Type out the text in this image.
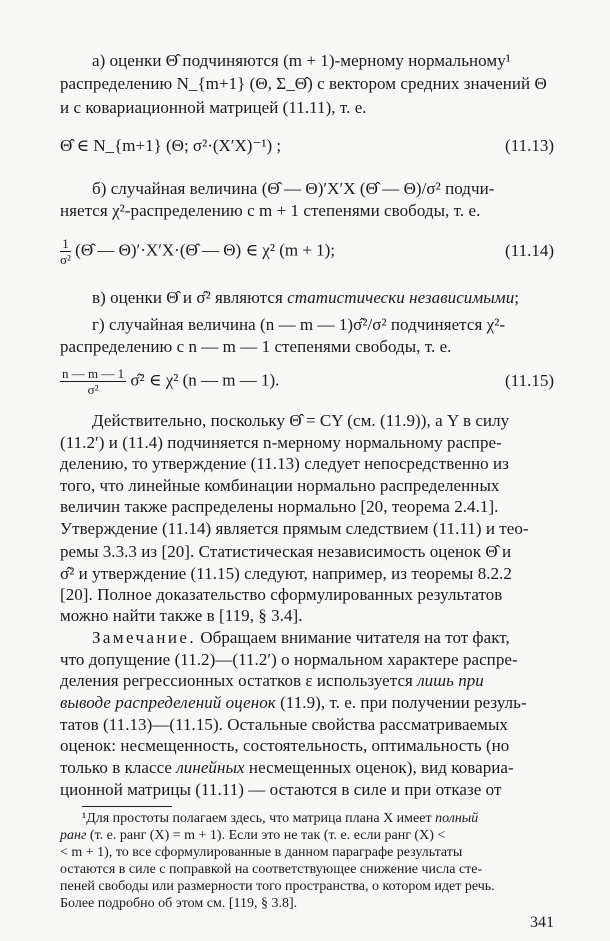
а) оценки Θ̂ подчиняются (m + 1)-мерному нормальному¹
распределению N_{m+1} (Θ, Σ_Θ̂) с вектором средних значений Θ
и с ковариационной матрицей (11.11), т. е.
Θ̂ ∈ N_{m+1} (Θ; σ²·(X′X)⁻¹) ;	(11.13)
б) случайная величина (Θ̂ — Θ)′X′X (Θ̂ — Θ)/σ² подчи-
няется χ²-распределению с m + 1 степенями свободы, т. е.
$\frac{1}{\text{σ²}}$ (Θ̂ — Θ)′·X′X·(Θ̂ — Θ) ∈ χ² (m + 1);	(11.14)
в) оценки Θ̂ и σ̂² являются статистически независимыми;
г) случайная величина (n — m — 1)σ̂²/σ² подчиняется χ²-
распределению с n — m — 1 степенями свободы, т. е.
$\frac{n — m — 1}{\text{σ²}}$ σ̂² ∈ χ² (n — m — 1).	(11.15)
Действительно, поскольку Θ̂ = CY (см. (11.9)), а Y в силу
(11.2′) и (11.4) подчиняется n-мерному нормальному распре-
делению, то утверждение (11.13) следует непосредственно из
того, что линейные комбинации нормально распределенных
величин также распределены нормально [20, теорема 2.4.1].
Утверждение (11.14) является прямым следствием (11.11) и тео-
ремы 3.3.3 из [20]. Статистическая независимость оценок Θ̂ и
σ̂² и утверждение (11.15) следуют, например, из теоремы 8.2.2
[20]. Полное доказательство сформулированных результатов
можно найти также в [119, § 3.4].
Замечание. Обращаем внимание читателя на тот факт,
что допущение (11.2)—(11.2′) о нормальном характере распре-
деления регрессионных остатков ε используется лишь при
выводе распределений оценок (11.9), т. е. при получении резуль-
татов (11.13)—(11.15). Остальные свойства рассматриваемых
оценок: несмещенность, состоятельность, оптимальность (но
только в классе линейных несмещенных оценок), вид ковариа-
ционной матрицы (11.11) — остаются в силе и при отказе от
¹Для простоты полагаем здесь, что матрица плана X имеет полный
ранг (т. е. ранг (X) = m + 1). Если это не так (т. е. если ранг (X) <
< m + 1), то все сформулированные в данном параграфе результаты
остаются в силе с поправкой на соответствующее снижение числа сте-
пеней свободы или размерности того пространства, о котором идет речь.
Более подробно об этом см. [119, § 3.8].
341
